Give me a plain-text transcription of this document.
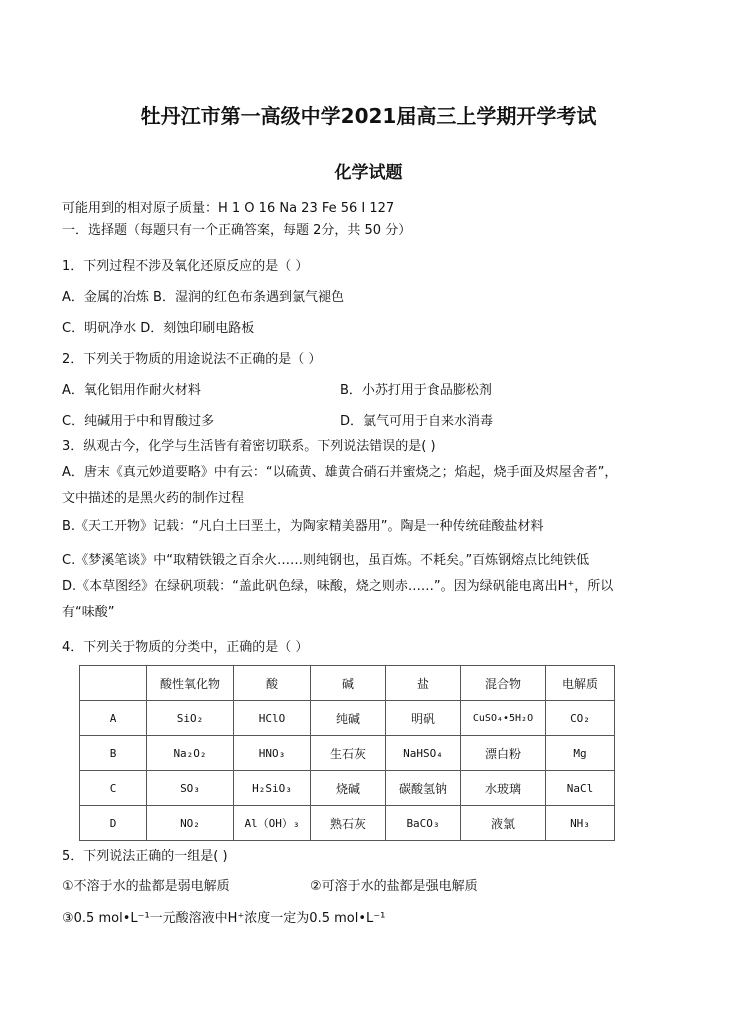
牡丹江市第一高级中学2021届高三上学期开学考试
化学试题
可能用到的相对原子质量：H 1 O 16 Na 23 Fe 56 I 127
一．选择题（每题只有一个正确答案，每题 2分，共 50 分）
1．下列过程不涉及氧化还原反应的是（ ）
A．金属的冶炼 B．湿润的红色布条遇到氯气褪色
C．明矾净水 D．刻蚀印刷电路板
2．下列关于物质的用途说法不正确的是（ ）
A．氧化铝用作耐火材料	B．小苏打用于食品膨松剂
C．纯碱用于中和胃酸过多	D．氯气可用于自来水消毒
3．纵观古今，化学与生活皆有着密切联系。下列说法错误的是( )
A．唐末《真元妙道要略》中有云：“以硫黄、雄黄合硝石并蜜烧之；焰起，烧手面及烬屋舍者”，
文中描述的是黑火药的制作过程
B.《天工开物》记载：“凡白土曰垩土，为陶家精美器用”。陶是一种传统硅酸盐材料
C.《梦溪笔谈》中“取精铁锻之百余火……则纯钢也，虽百炼。不耗矣。”百炼钢熔点比纯铁低
D.《本草图经》在绿矾项载：“盖此矾色绿，味酸，烧之则赤……”。因为绿矾能电离出H⁺，所以
有“味酸”
4．下列关于物质的分类中，正确的是（ ）
	酸性氧化物	酸	碱	盐	混合物	电解质
A	SiO₂	HClO	纯碱	明矾	CuSO₄•5H₂O	CO₂
B	Na₂O₂	HNO₃	生石灰	NaHSO₄	漂白粉	Mg
C	SO₃	H₂SiO₃	烧碱	碳酸氢钠	水玻璃	NaCl
D	NO₂	Al（OH）₃	熟石灰	BaCO₃	液氯	NH₃
5．下列说法正确的一组是( )
①不溶于水的盐都是弱电解质	②可溶于水的盐都是强电解质
③0.5 mol•L⁻¹一元酸溶液中H⁺浓度一定为0.5 mol•L⁻¹
